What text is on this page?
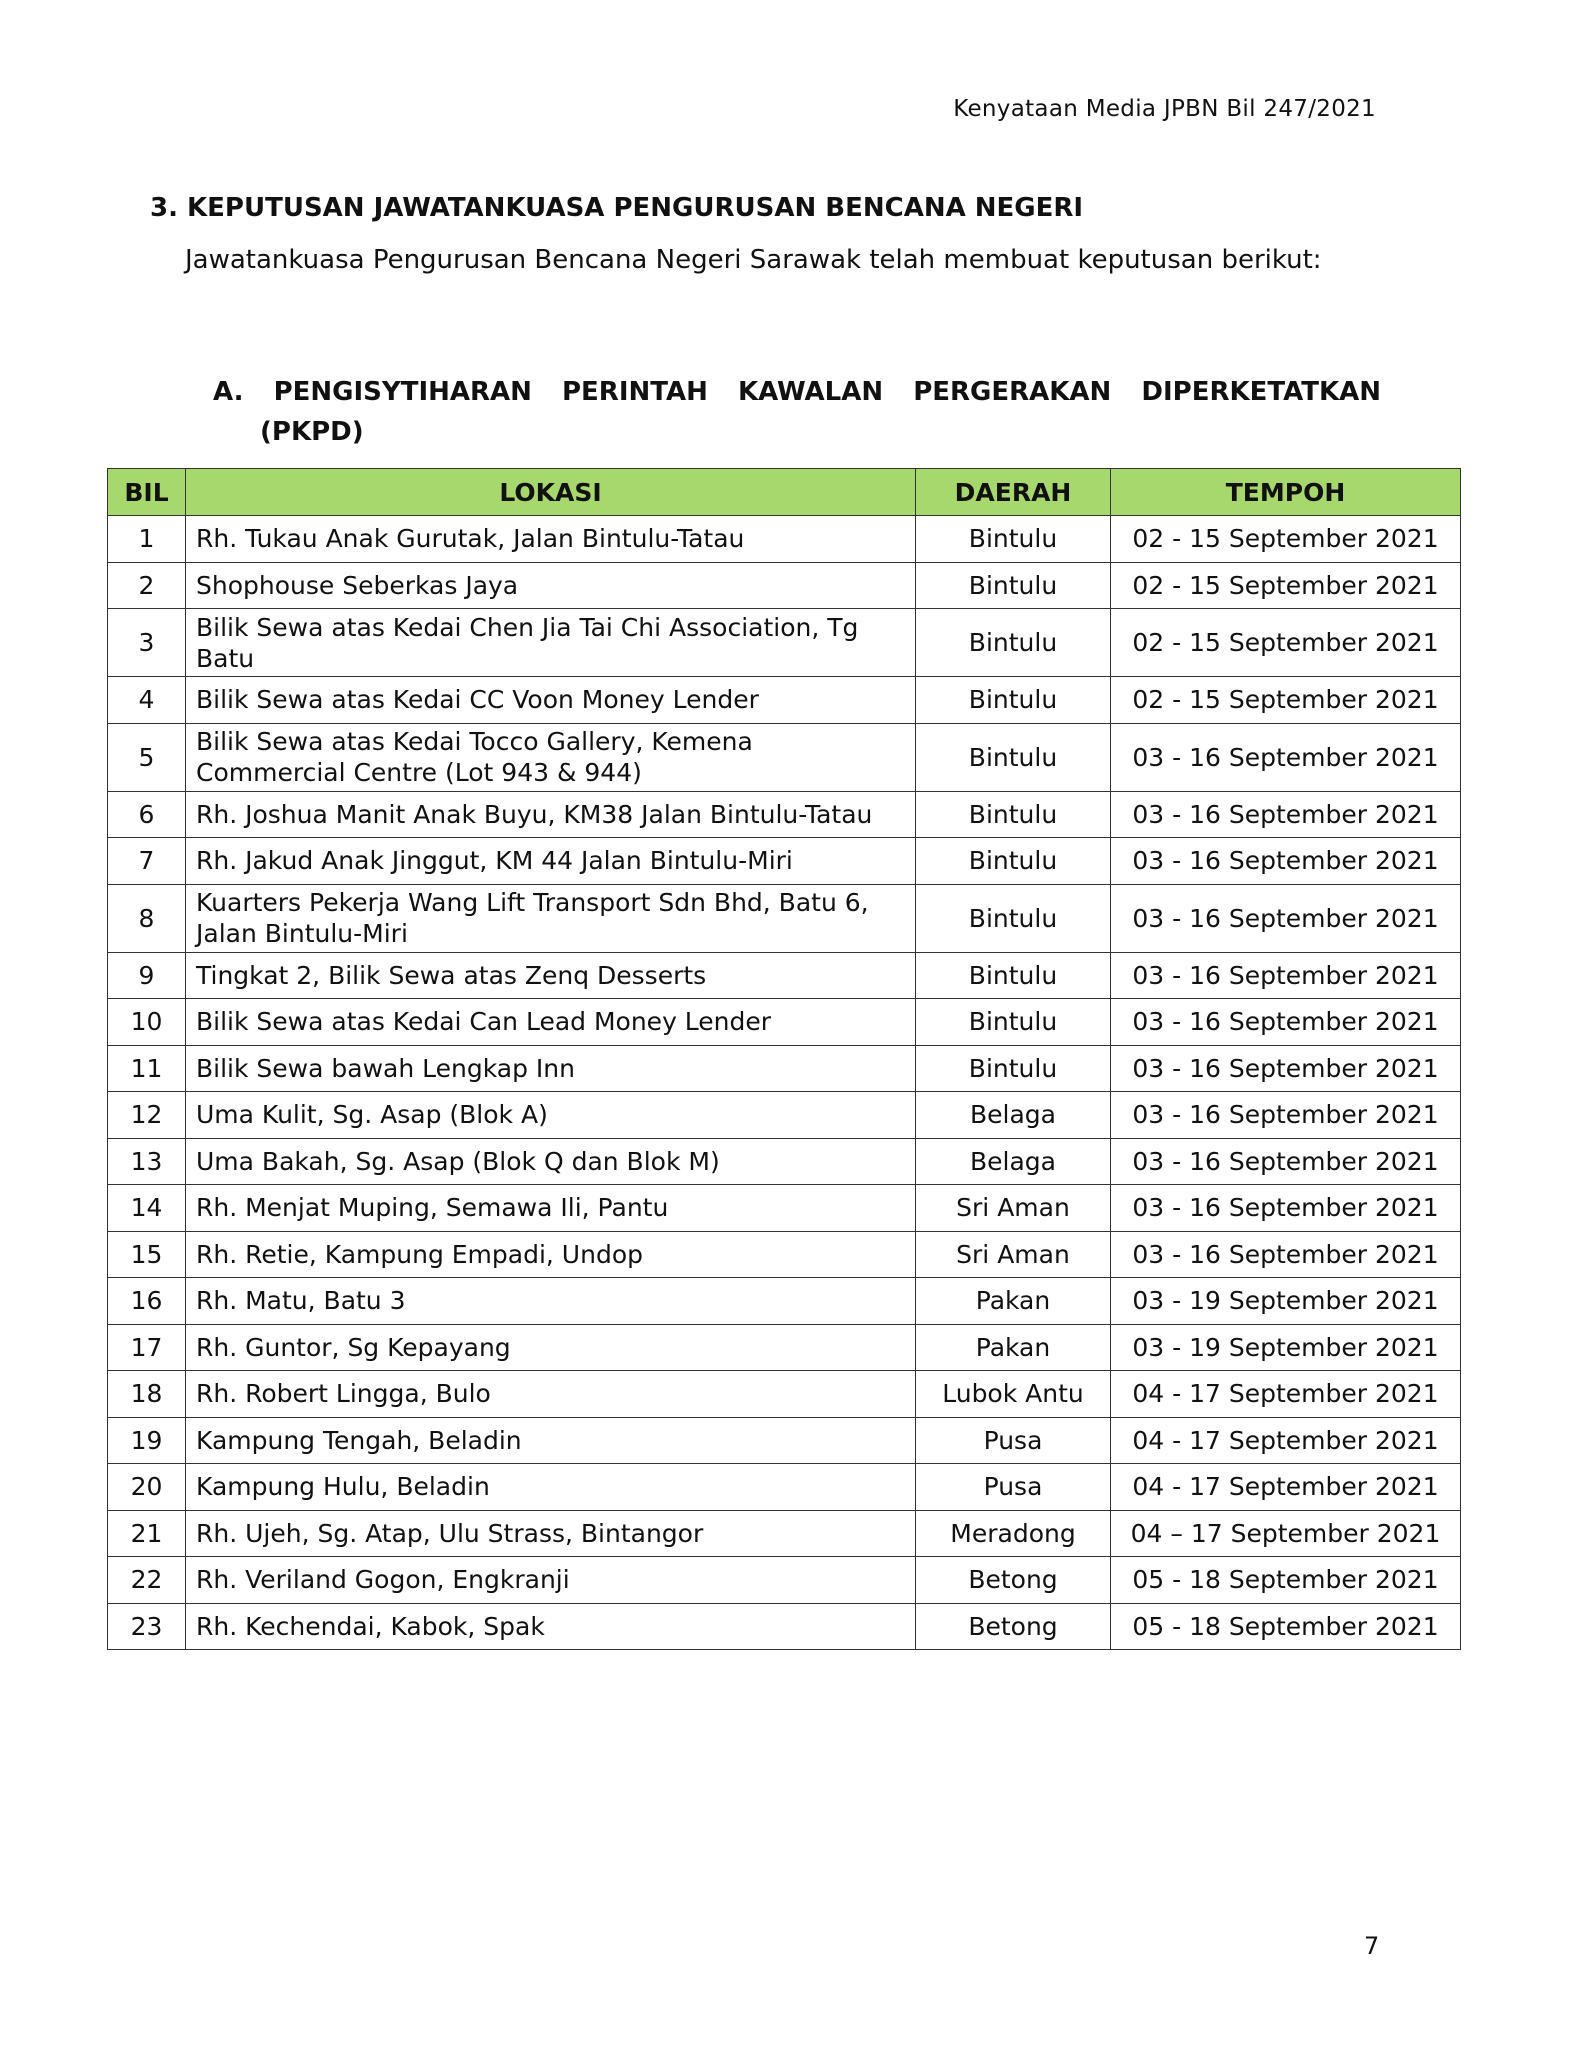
Kenyataan Media JPBN Bil 247/2021
3. KEPUTUSAN JAWATANKUASA PENGURUSAN BENCANA NEGERI
Jawatankuasa Pengurusan Bencana Negeri Sarawak telah membuat keputusan berikut:
A. PENGISYTIHARAN PERINTAH KAWALAN PERGERAKAN DIPERKETATKAN
(PKPD)
BIL	LOKASI	DAERAH	TEMPOH
1	Rh. Tukau Anak Gurutak, Jalan Bintulu-Tatau	Bintulu	02 - 15 September 2021
2	Shophouse Seberkas Jaya	Bintulu	02 - 15 September 2021
3	Bilik Sewa atas Kedai Chen Jia Tai Chi Association, Tg Batu	Bintulu	02 - 15 September 2021
4	Bilik Sewa atas Kedai CC Voon Money Lender	Bintulu	02 - 15 September 2021
5	Bilik Sewa atas Kedai Tocco Gallery, Kemena Commercial Centre (Lot 943 & 944)	Bintulu	03 - 16 September 2021
6	Rh. Joshua Manit Anak Buyu, KM38 Jalan Bintulu-Tatau	Bintulu	03 - 16 September 2021
7	Rh. Jakud Anak Jinggut, KM 44 Jalan Bintulu-Miri	Bintulu	03 - 16 September 2021
8	Kuarters Pekerja Wang Lift Transport Sdn Bhd, Batu 6, Jalan Bintulu-Miri	Bintulu	03 - 16 September 2021
9	Tingkat 2, Bilik Sewa atas Zenq Desserts	Bintulu	03 - 16 September 2021
10	Bilik Sewa atas Kedai Can Lead Money Lender	Bintulu	03 - 16 September 2021
11	Bilik Sewa bawah Lengkap Inn	Bintulu	03 - 16 September 2021
12	Uma Kulit, Sg. Asap (Blok A)	Belaga	03 - 16 September 2021
13	Uma Bakah, Sg. Asap (Blok Q dan Blok M)	Belaga	03 - 16 September 2021
14	Rh. Menjat Muping, Semawa Ili, Pantu	Sri Aman	03 - 16 September 2021
15	Rh. Retie, Kampung Empadi, Undop	Sri Aman	03 - 16 September 2021
16	Rh. Matu, Batu 3	Pakan	03 - 19 September 2021
17	Rh. Guntor, Sg Kepayang	Pakan	03 - 19 September 2021
18	Rh. Robert Lingga, Bulo	Lubok Antu	04 - 17 September 2021
19	Kampung Tengah, Beladin	Pusa	04 - 17 September 2021
20	Kampung Hulu, Beladin	Pusa	04 - 17 September 2021
21	Rh. Ujeh, Sg. Atap, Ulu Strass, Bintangor	Meradong	04 – 17 September 2021
22	Rh. Veriland Gogon, Engkranji	Betong	05 - 18 September 2021
23	Rh. Kechendai, Kabok, Spak	Betong	05 - 18 September 2021
7
